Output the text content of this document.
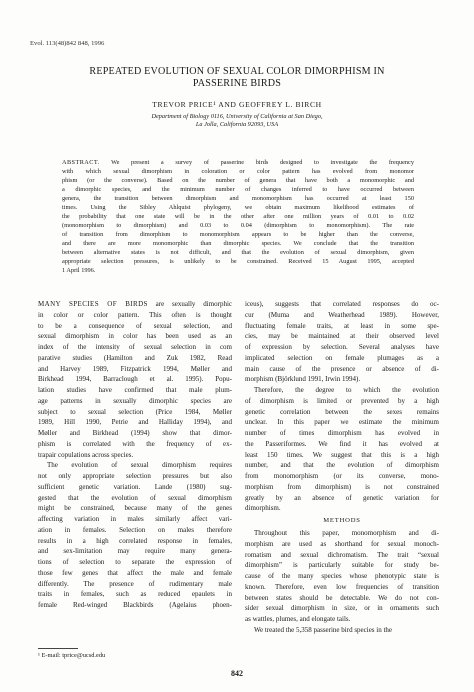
Evol. 113(48)842 848, 1996
REPEATED EVOLUTION OF SEXUAL COLOR DIMORPHISM IN
PASSERINE BIRDS
TREVOR PRICE¹ AND GEOFFREY L. BIRCH
Department of Biology 0116, University of California at San Diego,
La Jolla, California 92093, USA
ABSTRACT. We present a survey of passerine birds designed to investigate the frequency
with which sexual dimorphism in coloration or color pattern has evolved from monomor
phism (or the converse). Based on the number of genera that have both a monomorphic and
a dimorphic species, and the minimum number of changes inferred to have occurred between
genera, the transition between dimorphism and monomorphism has occurred at least 150
times. Using the Sibley Ahlquist phylogeny, we obtain maximum likelihood estimates of
the probability that one state will be in the other after one million years of 0.01 to 0.02
(monomorphism to dimorphism) and 0.03 to 0.04 (dimorphism to monomorphism). The rate
of transition from dimorphism to monomorphism appears to be higher than the converse,
and there are more monomorphic than dimorphic species. We conclude that the transition
between alternative states is not difficult, and that the evolution of sexual dimorphism, given
appropriate selection pressures, is unlikely to be constrained. Received 15 August 1995, accepted
1 April 1996.
MANY SPECIES OF BIRDS are sexually dimorphic
in color or color pattern. This often is thought
to be a consequence of sexual selection, and
sexual dimorphism in color has been used as an
index of the intensity of sexual selection in com
parative studies (Hamilton and Zuk 1982, Read
and Harvey 1989, Fitzpatrick 1994, Møller and
Birkhead 1994, Barraclough et al. 1995). Popu-
lation studies have confirmed that male plum-
age patterns in sexually dimorphic species are
subject to sexual selection (Price 1984, Møller
1989, Hill 1990, Petrie and Halliday 1994), and
Møller and Birkhead (1994) show that dimor-
phism is correlated with the frequency of ex-
trapair copulations across species.
The evolution of sexual dimorphism requires
not only appropriate selection pressures but also
sufficient genetic variation. Lande (1980) sug-
gested that the evolution of sexual dimorphism
might be constrained, because many of the genes
affecting variation in males similarly affect vari-
ation in females. Selection on males therefore
results in a high correlated response in females,
and sex-limitation may require many genera-
tions of selection to separate the expression of
those few genes that affect the male and female
differently. The presence of rudimentary male
traits in females, such as reduced epaulets in
female Red-winged Blackbirds (Agelaius phoen-
iceus), suggests that correlated responses do oc-
cur (Muma and Weatherhead 1989). However,
fluctuating female traits, at least in some spe-
cies, may be maintained at their observed level
of expression by selection. Several analyses have
implicated selection on female plumages as a
main cause of the presence or absence of di-
morphism (Björklund 1991, Irwin 1994).
Therefore, the degree to which the evolution
of dimorphism is limited or prevented by a high
genetic correlation between the sexes remains
unclear. In this paper we estimate the minimum
number of times dimorphism has evolved in
the Passeriformes. We find it has evolved at
least 150 times. We suggest that this is a high
number, and that the evolution of dimorphism
from monomorphism (or its converse, mono-
morphism from dimorphism) is not constrained
greatly by an absence of genetic variation for
dimorphism.
METHODS
Throughout this paper, monomorphism and di-
morphism are used as shorthand for sexual monoch-
romatism and sexual dichromatism. The trait “sexual
dimorphism” is particularly suitable for study be-
cause of the many species whose phenotypic state is
known. Therefore, even low frequencies of transition
between states should be detectable. We do not con-
sider sexual dimorphism in size, or in ornaments such
as wattles, plumes, and elongate tails.
We treated the 5,358 passerine bird species in the
¹ E-mail: tprice@ucsd.edu
842
